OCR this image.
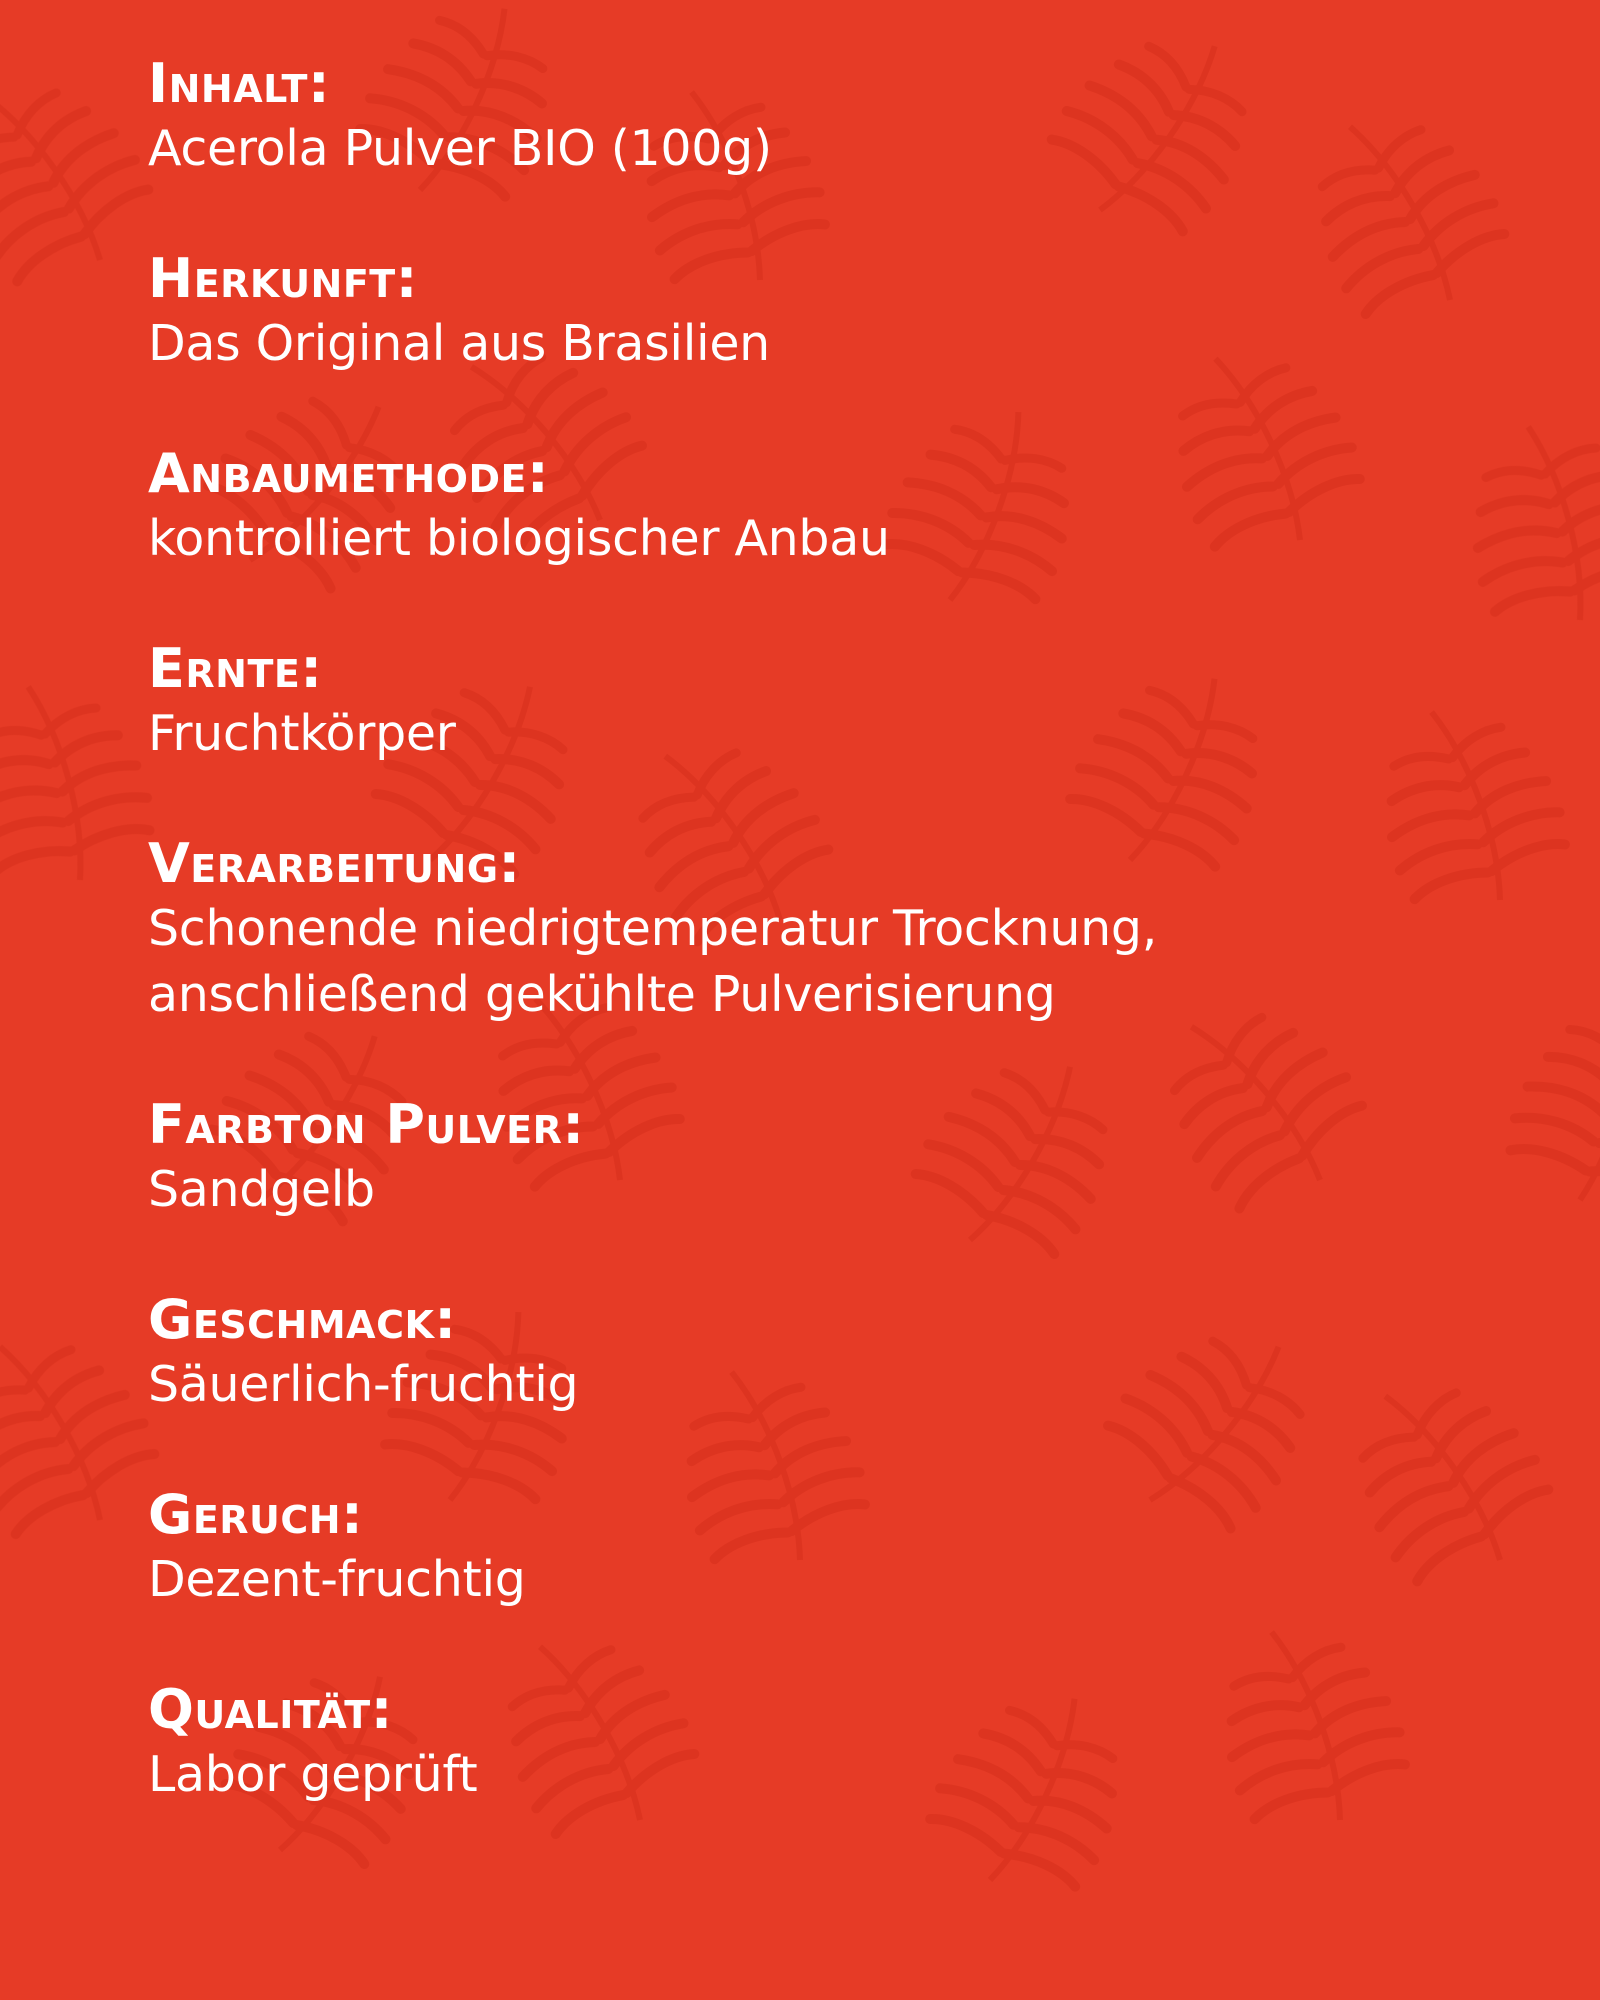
Inhalt:
Acerola Pulver BIO (100g)
Herkunft:
Das Original aus Brasilien
Anbaumethode:
kontrolliert biologischer Anbau
Ernte:
Fruchtkörper
Verarbeitung:
Schonende niedrigtemperatur Trocknung,
anschließend gekühlte Pulverisierung
Farbton Pulver:
Sandgelb
Geschmack:
Säuerlich-fruchtig
Geruch:
Dezent-fruchtig
Qualität:
Labor geprüft
